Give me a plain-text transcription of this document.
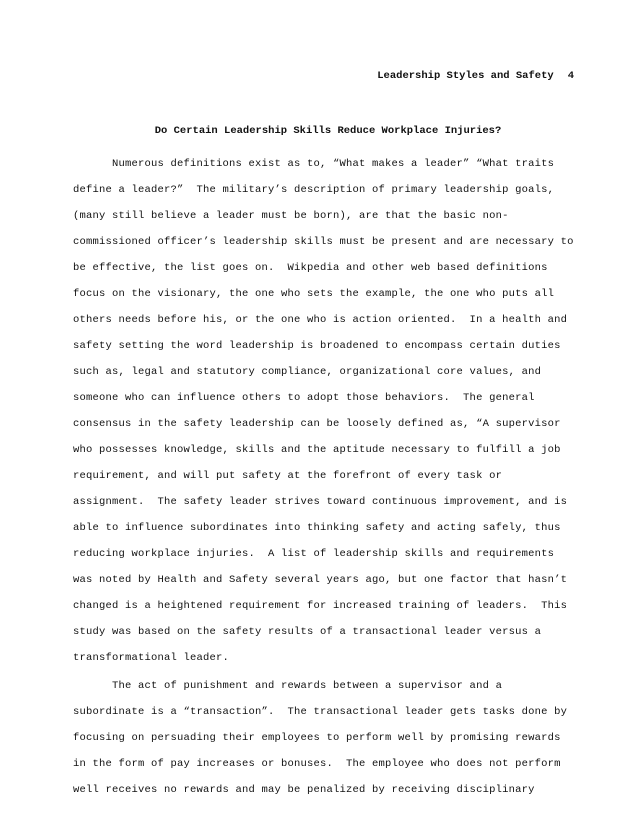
Leadership Styles and Safety 4
Do Certain Leadership Skills Reduce Workplace Injuries?
Numerous definitions exist as to, “What makes a leader” “What traits
define a leader?”  The military’s description of primary leadership goals,
(many still believe a leader must be born), are that the basic non-
commissioned officer’s leadership skills must be present and are necessary to
be effective, the list goes on.  Wikpedia and other web based definitions
focus on the visionary, the one who sets the example, the one who puts all
others needs before his, or the one who is action oriented.  In a health and
safety setting the word leadership is broadened to encompass certain duties
such as, legal and statutory compliance, organizational core values, and
someone who can influence others to adopt those behaviors.  The general
consensus in the safety leadership can be loosely defined as, “A supervisor
who possesses knowledge, skills and the aptitude necessary to fulfill a job
requirement, and will put safety at the forefront of every task or
assignment.  The safety leader strives toward continuous improvement, and is
able to influence subordinates into thinking safety and acting safely, thus
reducing workplace injuries.  A list of leadership skills and requirements
was noted by Health and Safety several years ago, but one factor that hasn’t
changed is a heightened requirement for increased training of leaders.  This
study was based on the safety results of a transactional leader versus a
transformational leader.
The act of punishment and rewards between a supervisor and a
subordinate is a “transaction”.  The transactional leader gets tasks done by
focusing on persuading their employees to perform well by promising rewards
in the form of pay increases or bonuses.  The employee who does not perform
well receives no rewards and may be penalized by receiving disciplinary
